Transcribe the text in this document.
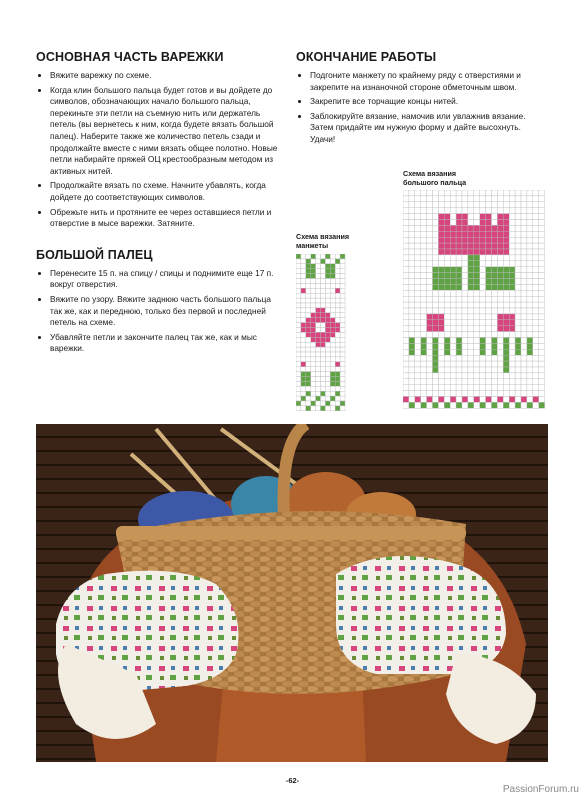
ОСНОВНАЯ ЧАСТЬ ВАРЕЖКИ
• Вяжите варежку по схеме.
• Когда клин большого пальца будет готов и вы дойдете до символов, обозначающих начало большого пальца, перекиньте эти петли на съемную нить или держатель петель (вы вернетесь к ним, когда будете вязать большой палец). Наберите также же количество петель сзади и продолжайте вместе с ними вязать общее полотно. Новые петли набирайте пряжей ОЦ крестообразным методом из активных нитей.
• Продолжайте вязать по схеме. Начните убавлять, когда дойдете до соответствующих символов.
• Обрежьте нить и протяните ее через оставшиеся петли и отверстие в мысе варежки. Затяните.
БОЛЬШОЙ ПАЛЕЦ
• Перенесите 15 п. на спицу / спицы и поднимите еще 17 п. вокруг отверстия.
• Вяжите по узору. Вяжите заднюю часть большого пальца так же, как и переднюю, только без первой и последней петель на схеме.
• Убавляйте петли и закончите палец так же, как и мыс варежки.
ОКОНЧАНИЕ РАБОТЫ
• Подгоните манжету по крайнему ряду с отверстиями и закрепите на изнаночной стороне обметочным швом.
• Закрепите все торчащие концы нитей.
• Заблокируйте вязание, намочив или увлажнив вязание. Затем придайте им нужную форму и дайте высохнуть. Удачи!
Схема вязания большого пальца
Схема вязания манжеты
-62-
PassionForum.ru
